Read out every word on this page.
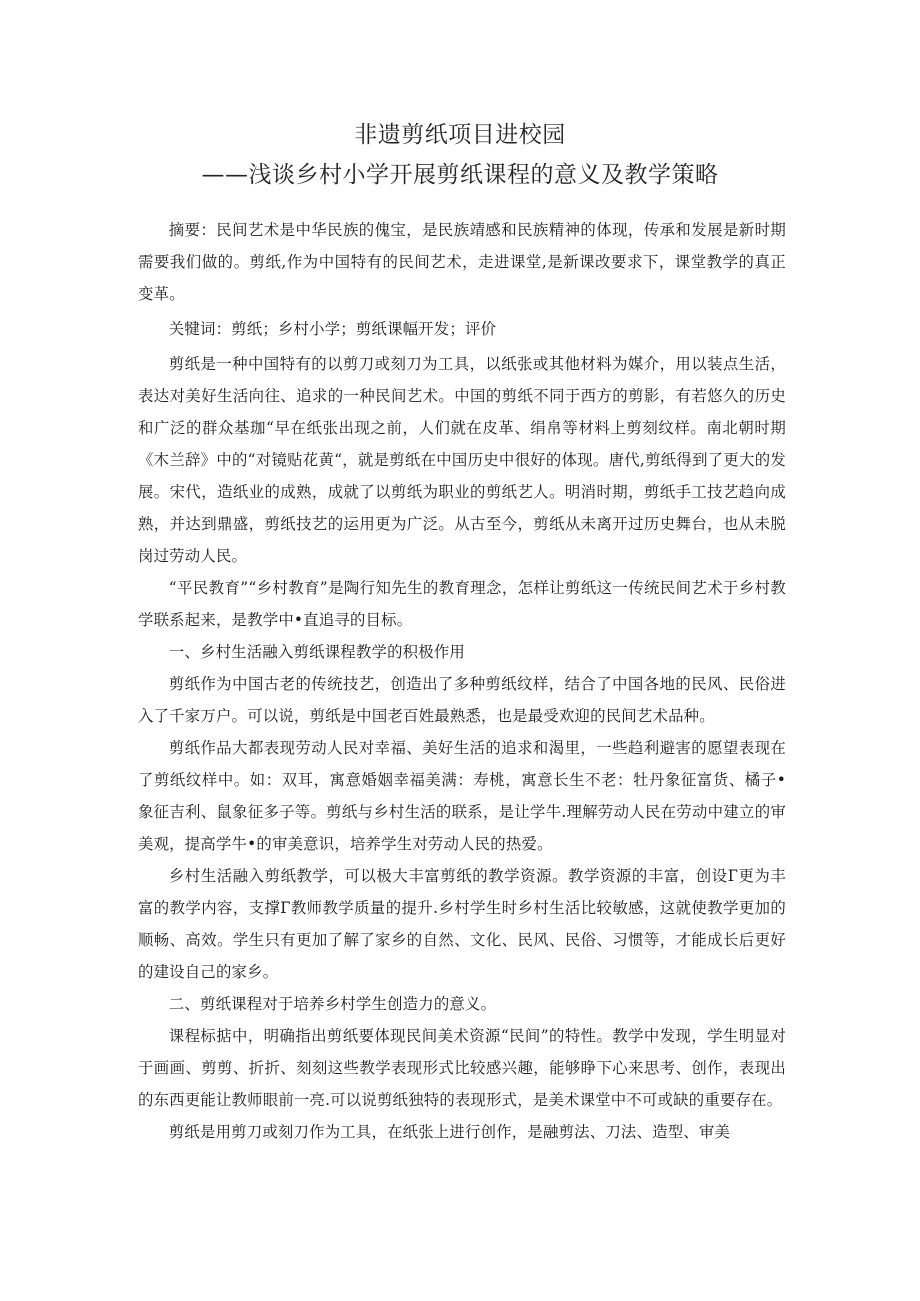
非遗剪纸项目进校园
——浅谈乡村小学开展剪纸课程的意义及教学策略

摘要：民间艺术是中华民族的傀宝，是民族靖感和民族精神的体现，传承和发展是新时期需要我们做的。剪纸,作为中国特有的民间艺术，走进课堂,是新课改要求下，课堂教学的真正变革。

关犍词：剪纸；乡村小学；剪纸课幅开发；评价

剪纸是一种中国特有的以剪刀或刻刀为工具，以纸张或其他材料为媒介，用以装点生活，表达对美好生活向往、追求的一种民间艺术。中国的剪纸不同于西方的剪影，有若悠久的历史和广泛的群众基珈“早在纸张出现之前，人们就在皮革、绢帛等材料上剪刻纹样。南北朝时期《木兰辞》中的“对镜贴花黄“，就是剪纸在中国历史中很好的体现。唐代,剪纸得到了更大的发展。宋代，造纸业的成熟，成就了以剪纸为职业的剪纸艺人。明消时期，剪纸手工技艺趋向成熟，并达到鼎盛，剪纸技艺的运用更为广泛。从古至今，剪纸从未离开过历史舞台，也从未脱岗过劳动人民。

“平民教育”“乡村教育”是陶行知先生的教育理念，怎样让剪纸这一传统民间艺术于乡村教学联系起来，是教学中•直追寻的目标。

一、乡村生活融入剪纸课程教学的积极作用

剪纸作为中国古老的传统技艺，创造出了多种剪纸纹样，结合了中国各地的民风、民俗进入了千家万户。可以说，剪纸是中国老百姓最熟悉，也是最受欢迎的民间艺术品种。

剪纸作品大都表现劳动人民对幸福、美好生活的追求和渴里，一些趋利避害的愿望表现在了剪纸纹样中。如：双耳，寓意婚姻幸福美满：寿桃，寓意长生不老：牡丹象征富货、橘子•象征吉利、鼠象征多子等。剪纸与乡村生活的联系，是让学牛.理解劳动人民在劳动中建立的审美观，提高学牛•的审美意识，培养学生对劳动人民的热爱。

乡村生活融入剪纸教学，可以极大丰富剪纸的教学资源。教学资源的丰富，创设Г更为丰富的教学内容，支撑Г教师教学质量的提升.乡村学生时乡村生活比较敏感，这就使教学更加的顺畅、高效。学生只有更加了解了家乡的自然、文化、民风、民俗、习惯等，才能成长后更好的建设自己的家乡。

二、剪纸课程对于培养乡村学生创造力的意义。

课程标掂中，明确指出剪纸要体现民间美术资源“民间”的特性。教学中发现，学生明显对于画画、剪剪、折折、刻刻这些教学表现形式比较感兴趣，能够睁下心来思考、创作，表现出的东西更能让教师眼前一亮.可以说剪纸独特的表现形式，是美术课堂中不可或缺的重要存在。

剪纸是用剪刀或刻刀作为工具，在纸张上进行创作，是融剪法、刀法、造型、审美
